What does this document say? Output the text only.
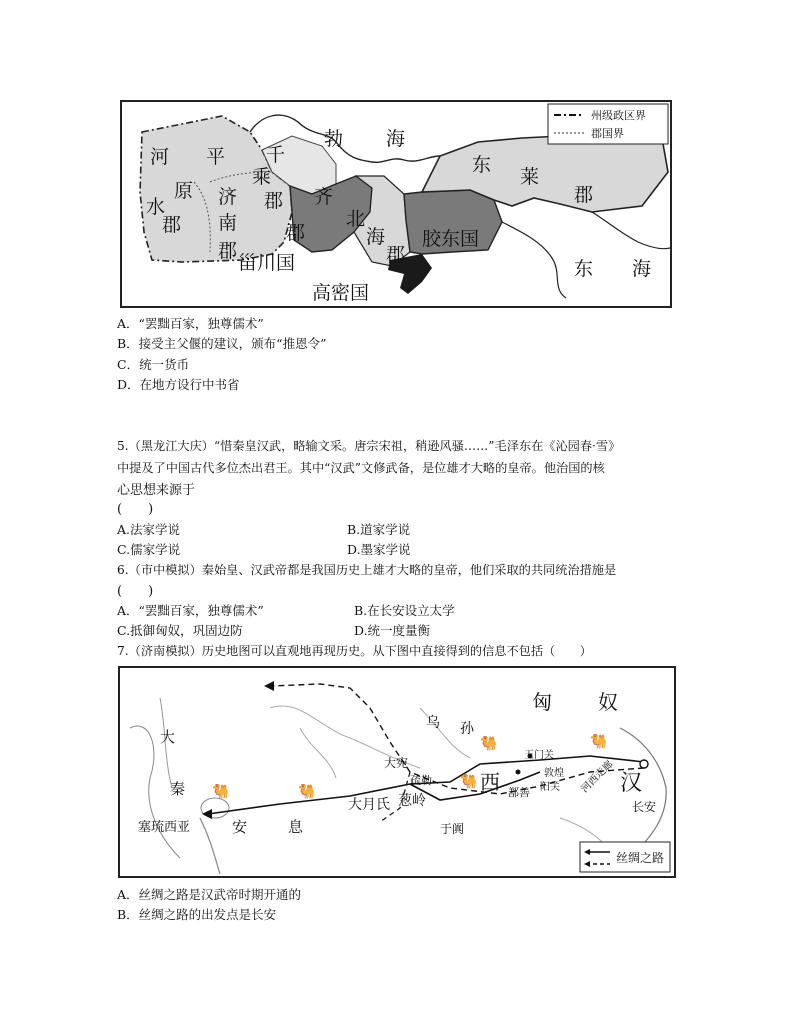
州级政区界
郡国界
河 平
原
水
郡
济
南
郡
千
乘
郡
勃 海
齐
郡
北
海
郡
东
莱
郡
胶东国
甾川国
高密国
东 海
A．“罢黜百家，独尊儒术”
B．接受主父偃的建议，颁布“推恩令”
C．统一货币
D．在地方设行中书省
5.（黑龙江大庆）“惜秦皇汉武，略输文采。唐宗宋祖，稍逊风骚……”毛泽东在《沁园春·雪》
中提及了中国古代多位杰出君王。其中“汉武”文修武备，是位雄才大略的皇帝。他治国的核
心思想来源于
(　　)
A.法家学说	B.道家学说
C.儒家学说	D.墨家学说
6.（市中模拟）秦始皇、汉武帝都是我国历史上雄才大略的皇帝，他们采取的共同统治措施是
(　　)
A．“罢黜百家，独尊儒术”	B.在长安设立太学
C.抵御匈奴，巩固边防	D.统一度量衡
7.（济南模拟）历史地图可以直观地再现历史。从下图中直接得到的信息不包括（　　）
🐫	🐫
🐫	🐫
🐫
匈 奴
大
秦
塞琉西亚	安	息
大月氏 葱岭
疏勒
大宛
乌 孙
西
玉门关
敦煌
阳关
鄯善
于阗
河西走廊 汉
长安
丝绸之路
A．丝绸之路是汉武帝时期开通的
B．丝绸之路的出发点是长安
